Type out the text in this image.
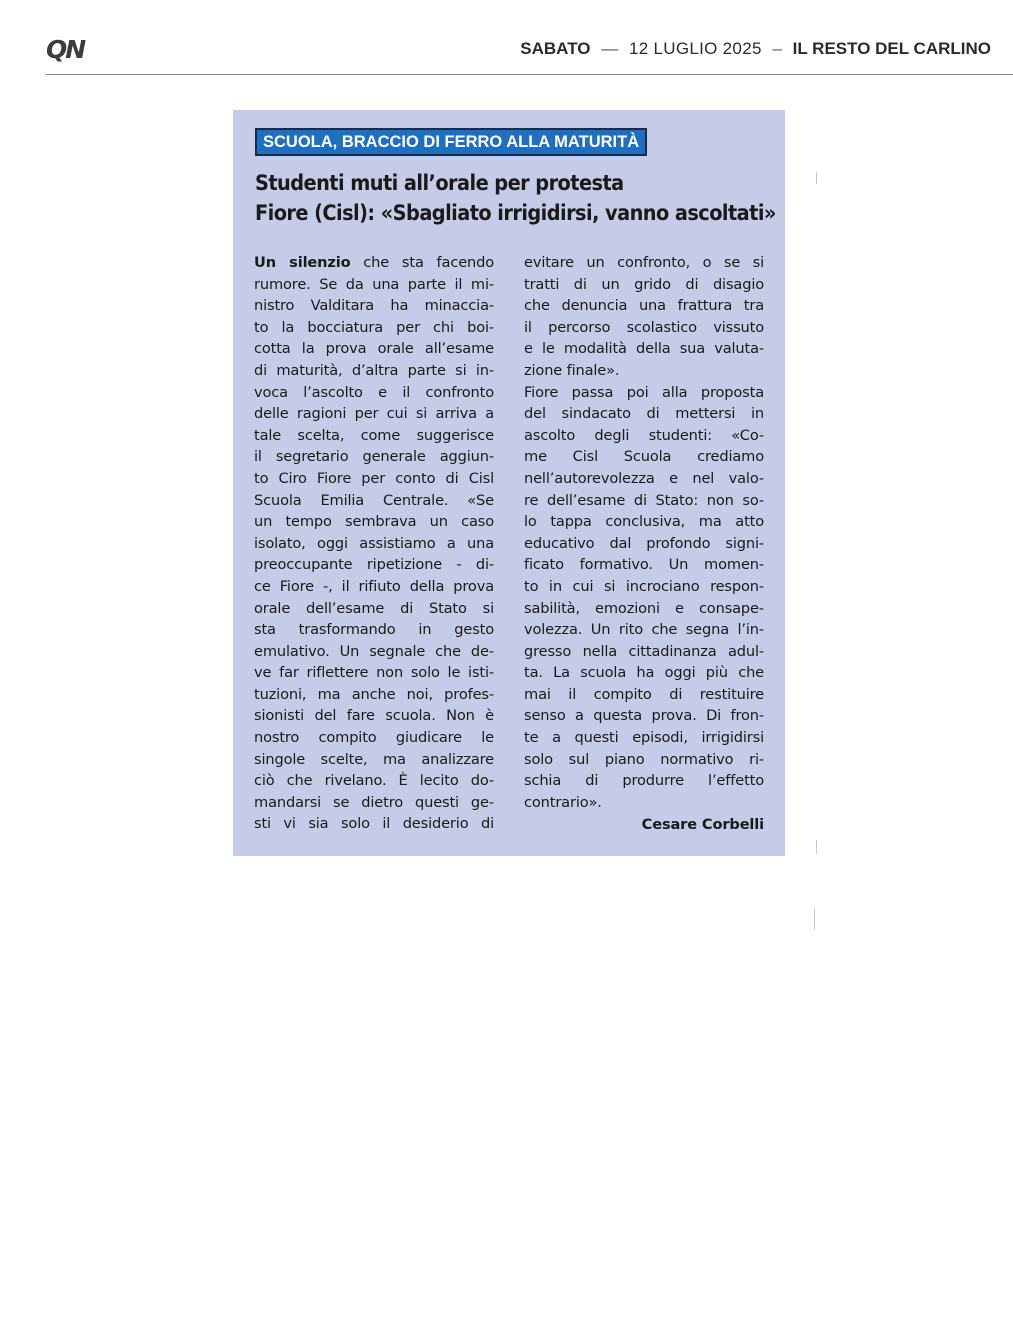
QN	SABATO — 12 LUGLIO 2025 – IL RESTO DEL CARLINO
SCUOLA, BRACCIO DI FERRO ALLA MATURITÀ
Studenti muti all’orale per protesta
Fiore (Cisl): «Sbagliato irrigidirsi, vanno ascoltati»
Un silenzio che sta facendo
rumore. Se da una parte il mi-
nistro Valditara ha minaccia-
to la bocciatura per chi boi-
cotta la prova orale all’esame
di maturità, d’altra parte si in-
voca l’ascolto e il confronto
delle ragioni per cui si arriva a
tale scelta, come suggerisce
il segretario generale aggiun-
to Ciro Fiore per conto di Cisl
Scuola Emilia Centrale. «Se
un tempo sembrava un caso
isolato, oggi assistiamo a una
preoccupante ripetizione - di-
ce Fiore -, il rifiuto della prova
orale dell’esame di Stato si
sta trasformando in gesto
emulativo. Un segnale che de-
ve far riflettere non solo le isti-
tuzioni, ma anche noi, profes-
sionisti del fare scuola. Non è
nostro compito giudicare le
singole scelte, ma analizzare
ciò che rivelano. È lecito do-
mandarsi se dietro questi ge-
sti vi sia solo il desiderio di
evitare un confronto, o se si
tratti di un grido di disagio
che denuncia una frattura tra
il percorso scolastico vissuto
e le modalità della sua valuta-
zione finale».
Fiore passa poi alla proposta
del sindacato di mettersi in
ascolto degli studenti: «Co-
me Cisl Scuola crediamo
nell’autorevolezza e nel valo-
re dell’esame di Stato: non so-
lo tappa conclusiva, ma atto
educativo dal profondo signi-
ficato formativo. Un momen-
to in cui si incrociano respon-
sabilità, emozioni e consape-
volezza. Un rito che segna l’in-
gresso nella cittadinanza adul-
ta. La scuola ha oggi più che
mai il compito di restituire
senso a questa prova. Di fron-
te a questi episodi, irrigidirsi
solo sul piano normativo ri-
schia di produrre l’effetto
contrario».
Cesare Corbelli
